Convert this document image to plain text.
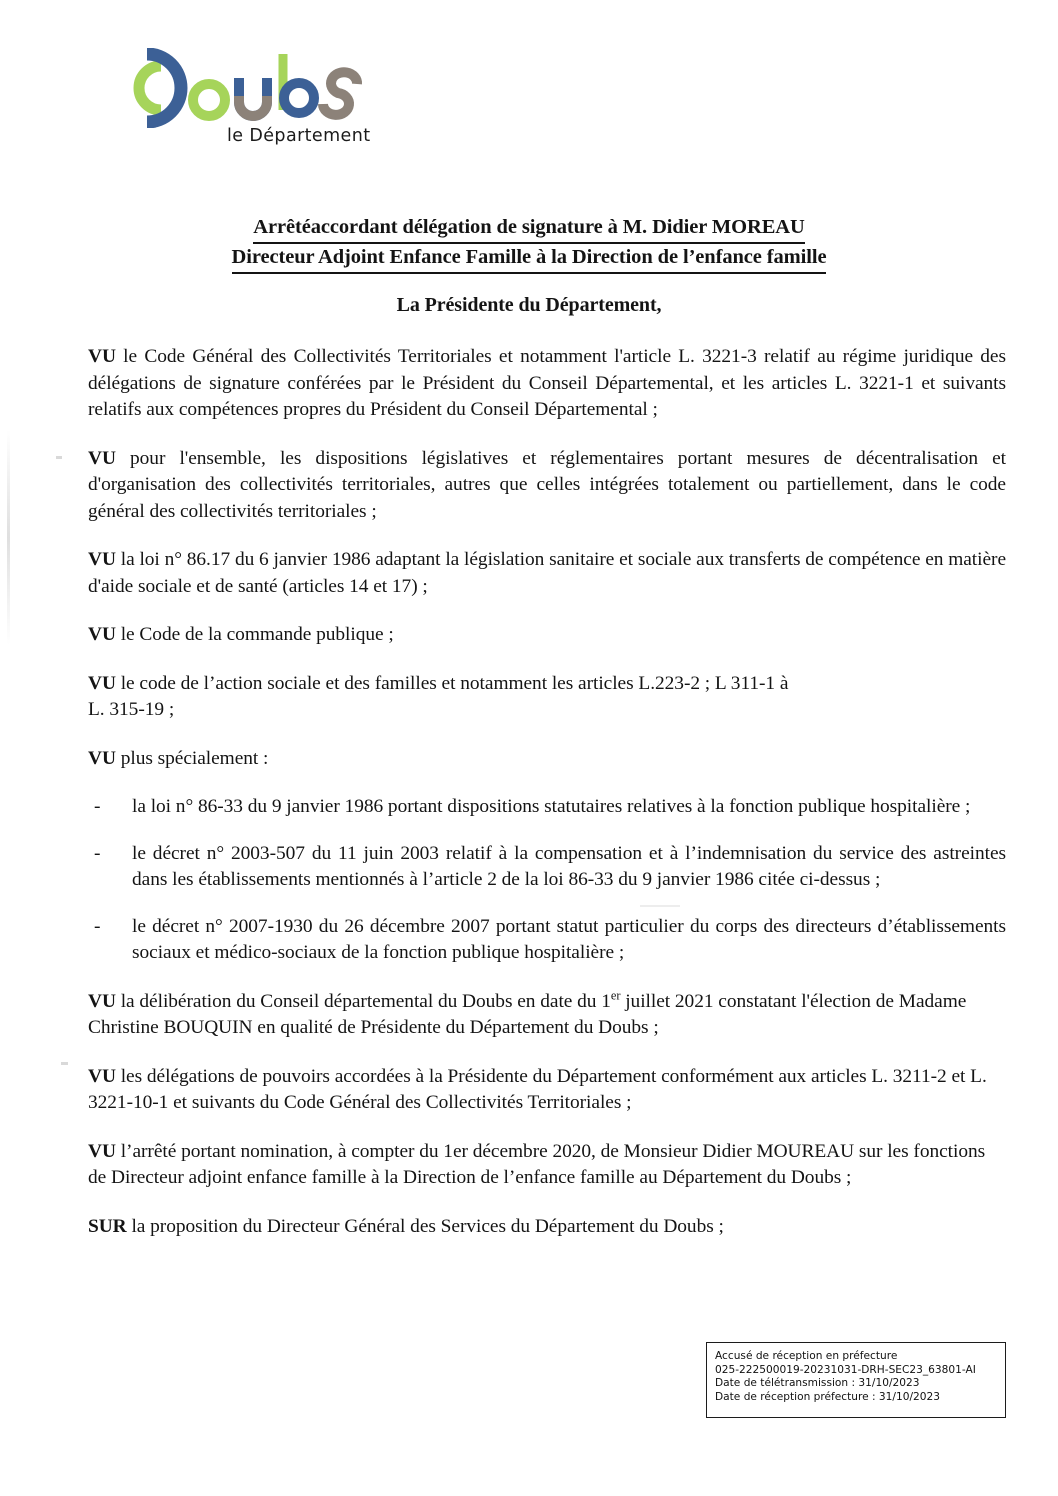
le Département
Arrêtéaccordant délégation de signature à M. Didier MOREAU
Directeur Adjoint Enfance Famille à la Direction de l’enfance famille
La Présidente du Département,

VU le Code Général des Collectivités Territoriales et notamment l'article L. 3221-3 relatif au régime juridique des délégations de signature conférées par le Président du Conseil Départemental, et les articles L. 3221-1 et suivants relatifs aux compétences propres du Président du Conseil Départemental ;

VU pour l'ensemble, les dispositions législatives et réglementaires portant mesures de décentralisation et d'organisation des collectivités territoriales, autres que celles intégrées totalement ou partiellement, dans le code général des collectivités territoriales ;

VU la loi n° 86.17 du 6 janvier 1986 adaptant la législation sanitaire et sociale aux transferts de compétence en matière d'aide sociale et de santé (articles 14 et 17) ;

VU le Code de la commande publique ;

VU le code de l’action sociale et des familles et notamment les articles L.223-2 ; L 311-1 à
L. 315-19 ;

VU plus spécialement :

- la loi n° 86-33 du 9 janvier 1986 portant dispositions statutaires relatives à la fonction publique hospitalière ;
- le décret n° 2003-507 du 11 juin 2003 relatif à la compensation et à l’indemnisation du service des astreintes dans les établissements mentionnés à l’article 2 de la loi 86-33 du 9 janvier 1986 citée ci-dessus ;
- le décret n° 2007-1930 du 26 décembre 2007 portant statut particulier du corps des directeurs d’établissements sociaux et médico-sociaux de la fonction publique hospitalière ;

VU la délibération du Conseil départemental du Doubs en date du 1er juillet 2021 constatant l'élection de Madame Christine BOUQUIN en qualité de Présidente du Département du Doubs ;

VU les délégations de pouvoirs accordées à la Présidente du Département conformément aux articles L. 3211-2 et L. 3221-10-1 et suivants du Code Général des Collectivités Territoriales ;

VU l’arrêté portant nomination, à compter du 1er décembre 2020, de Monsieur Didier MOUREAU sur les fonctions de Directeur adjoint enfance famille à la Direction de l’enfance famille au Département du Doubs ;

SUR la proposition du Directeur Général des Services du Département du Doubs ;

Accusé de réception en préfecture
025-222500019-20231031-DRH-SEC23_63801-AI
Date de télétransmission : 31/10/2023
Date de réception préfecture : 31/10/2023
